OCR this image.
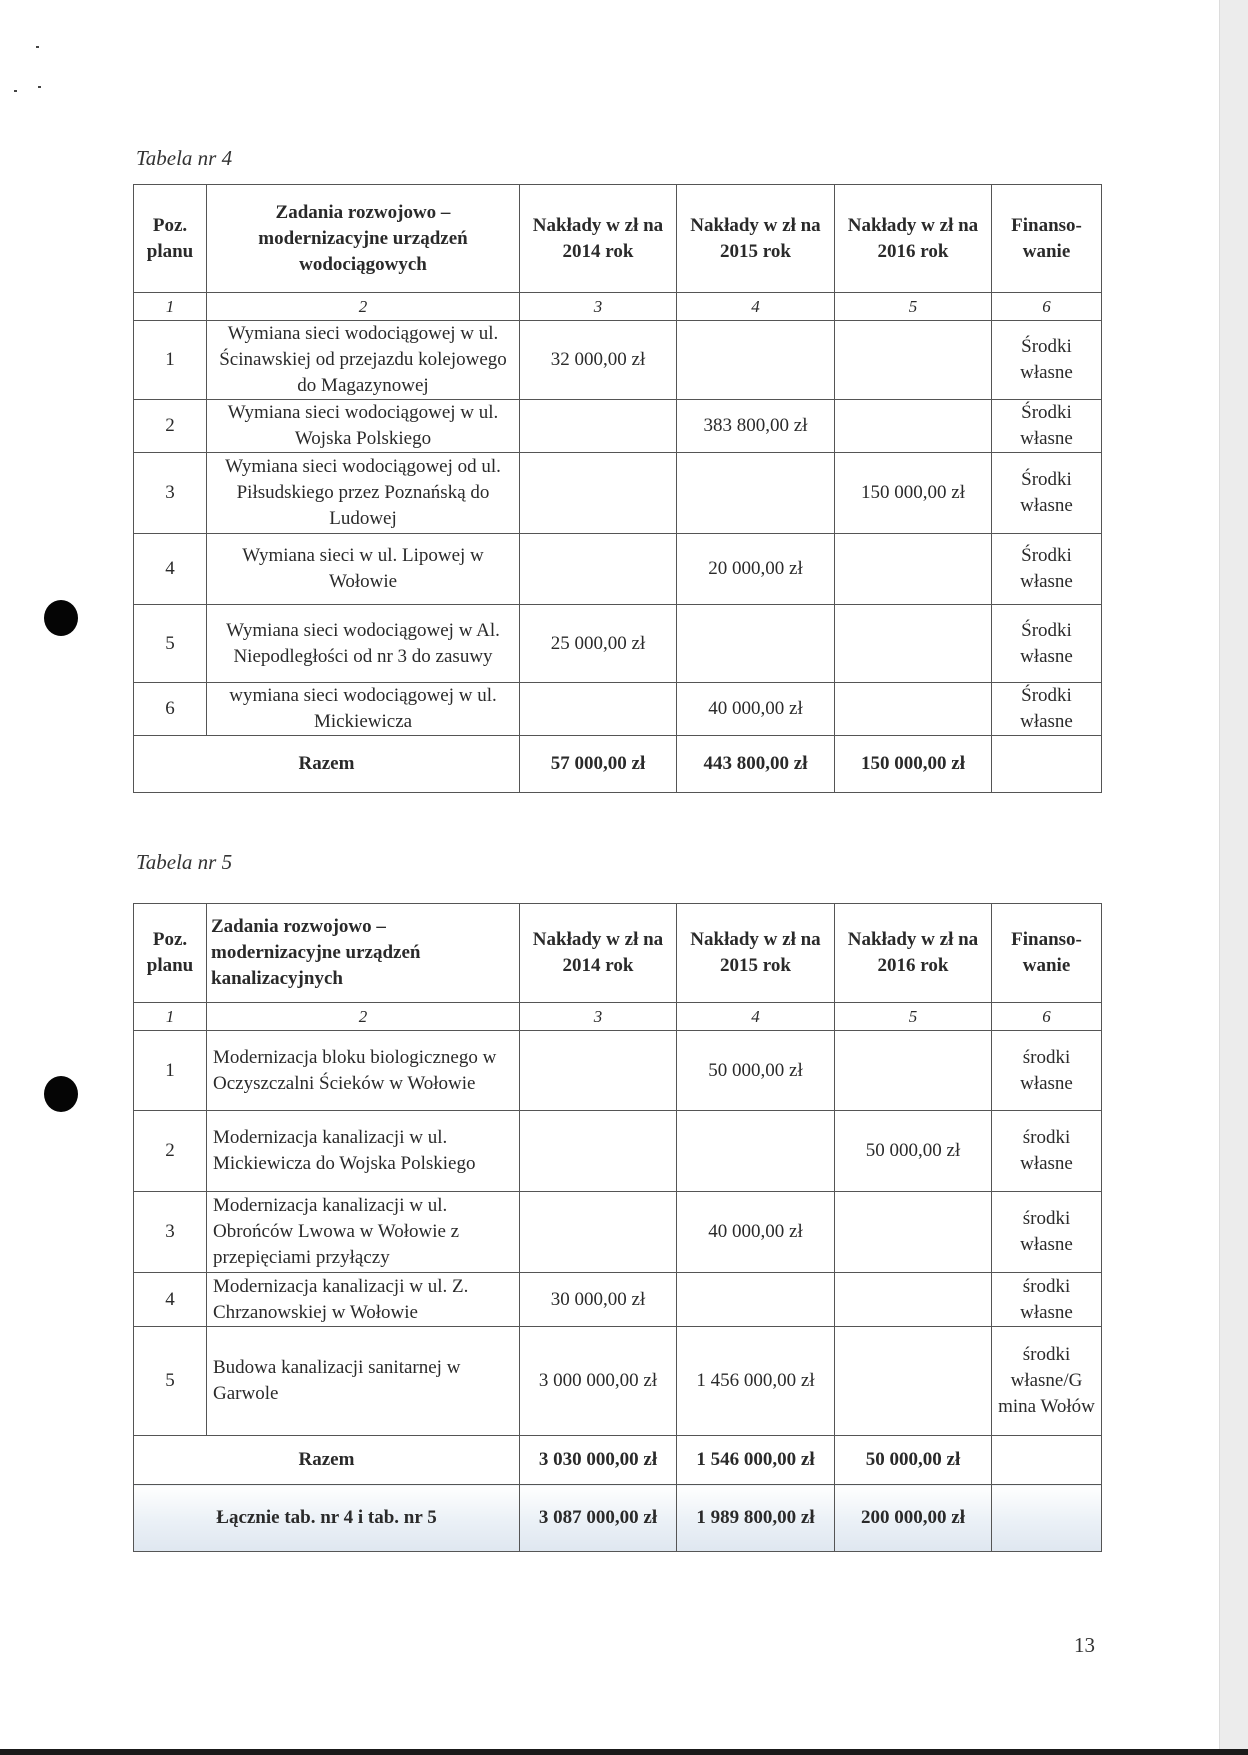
Tabela nr 4
Poz. planu	Zadania rozwojowo – modernizacyjne urządzeń wodociągowych	Nakłady w zł na 2014 rok	Nakłady w zł na 2015 rok	Nakłady w zł na 2016 rok	Finanso- wanie
1	2	3	4	5	6
1	Wymiana sieci wodociągowej w ul. Ścinawskiej od przejazdu kolejowego do Magazynowej	32 000,00 zł			Środki własne
2	Wymiana sieci wodociągowej w ul. Wojska Polskiego		383 800,00 zł		Środki własne
3	Wymiana sieci wodociągowej od ul. Piłsudskiego przez Poznańską do Ludowej			150 000,00 zł	Środki własne
4	Wymiana sieci w ul. Lipowej w Wołowie		20 000,00 zł		Środki własne
5	Wymiana sieci wodociągowej w Al. Niepodległości od nr 3 do zasuwy	25 000,00 zł			Środki własne
6	wymiana sieci wodociągowej w ul. Mickiewicza		40 000,00 zł		Środki własne
Razem		57 000,00 zł	443 800,00 zł	150 000,00 zł	
Tabela nr 5
Poz. planu	Zadania rozwojowo – modernizacyjne urządzeń kanalizacyjnych	Nakłady w zł na 2014 rok	Nakłady w zł na 2015 rok	Nakłady w zł na 2016 rok	Finanso- wanie
1	2	3	4	5	6
1	Modernizacja bloku biologicznego w Oczyszczalni Ścieków w Wołowie		50 000,00 zł		środki własne
2	Modernizacja kanalizacji w ul. Mickiewicza do Wojska Polskiego			50 000,00 zł	środki własne
3	Modernizacja kanalizacji w ul. Obrońców Lwowa w Wołowie z przepięciami przyłączy		40 000,00 zł		środki własne
4	Modernizacja kanalizacji w ul. Z. Chrzanowskiej w Wołowie	30 000,00 zł			środki własne
5	Budowa kanalizacji sanitarnej w Garwole	3 000 000,00 zł	1 456 000,00 zł		środki własne/G mina Wołów
Razem		3 030 000,00 zł	1 546 000,00 zł	50 000,00 zł	
Łącznie tab. nr 4 i tab. nr 5		3 087 000,00 zł	1 989 800,00 zł	200 000,00 zł	
13
